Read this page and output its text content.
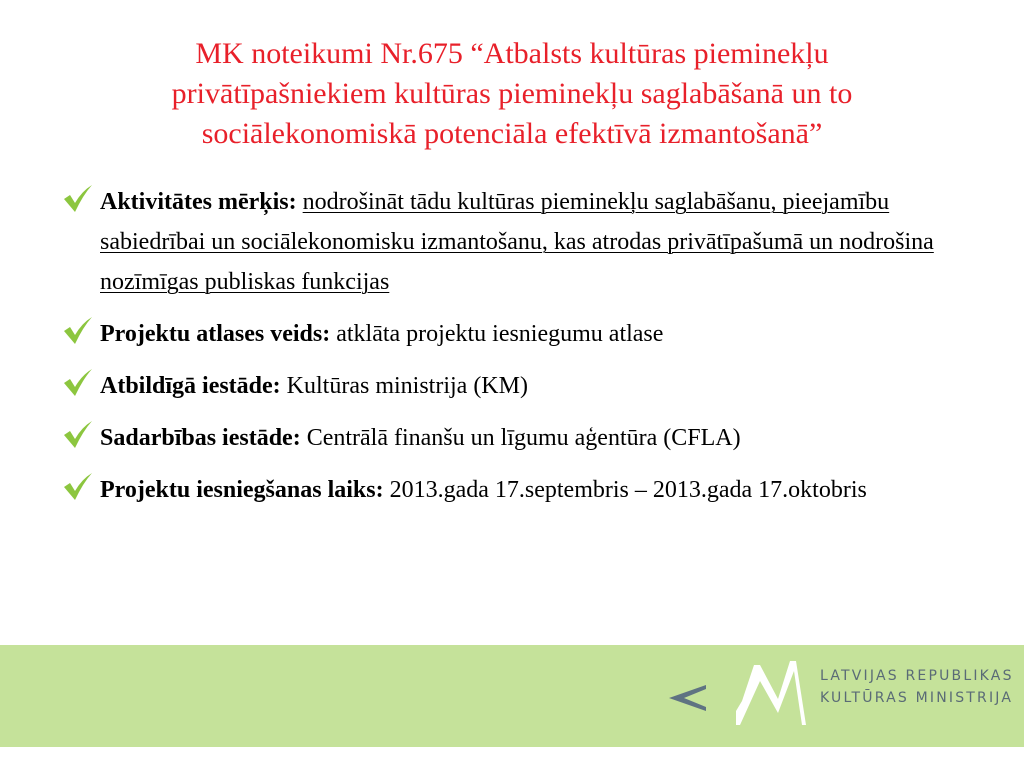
MK noteikumi Nr.675 “Atbalsts kultūras pieminekļu
privātīpašniekiem kultūras pieminekļu saglabāšanā un to
sociālekonomiskā potenciāla efektīvā izmantošanā”
Aktivitātes mērķis: nodrošināt tādu kultūras pieminekļu saglabāšanu, pieejamību sabiedrībai un sociālekonomisku izmantošanu, kas atrodas privātīpašumā un nodrošina nozīmīgas publiskas funkcijas
Projektu atlases veids: atklāta projektu iesniegumu atlase
Atbildīgā iestāde: Kultūras ministrija (KM)
Sadarbības iestāde: Centrālā finanšu un līgumu aģentūra (CFLA)
Projektu iesniegšanas laiks: 2013.gada 17.septembris – 2013.gada 17.oktobris
LATVIJAS REPUBLIKAS
KULTŪRAS MINISTRIJA
